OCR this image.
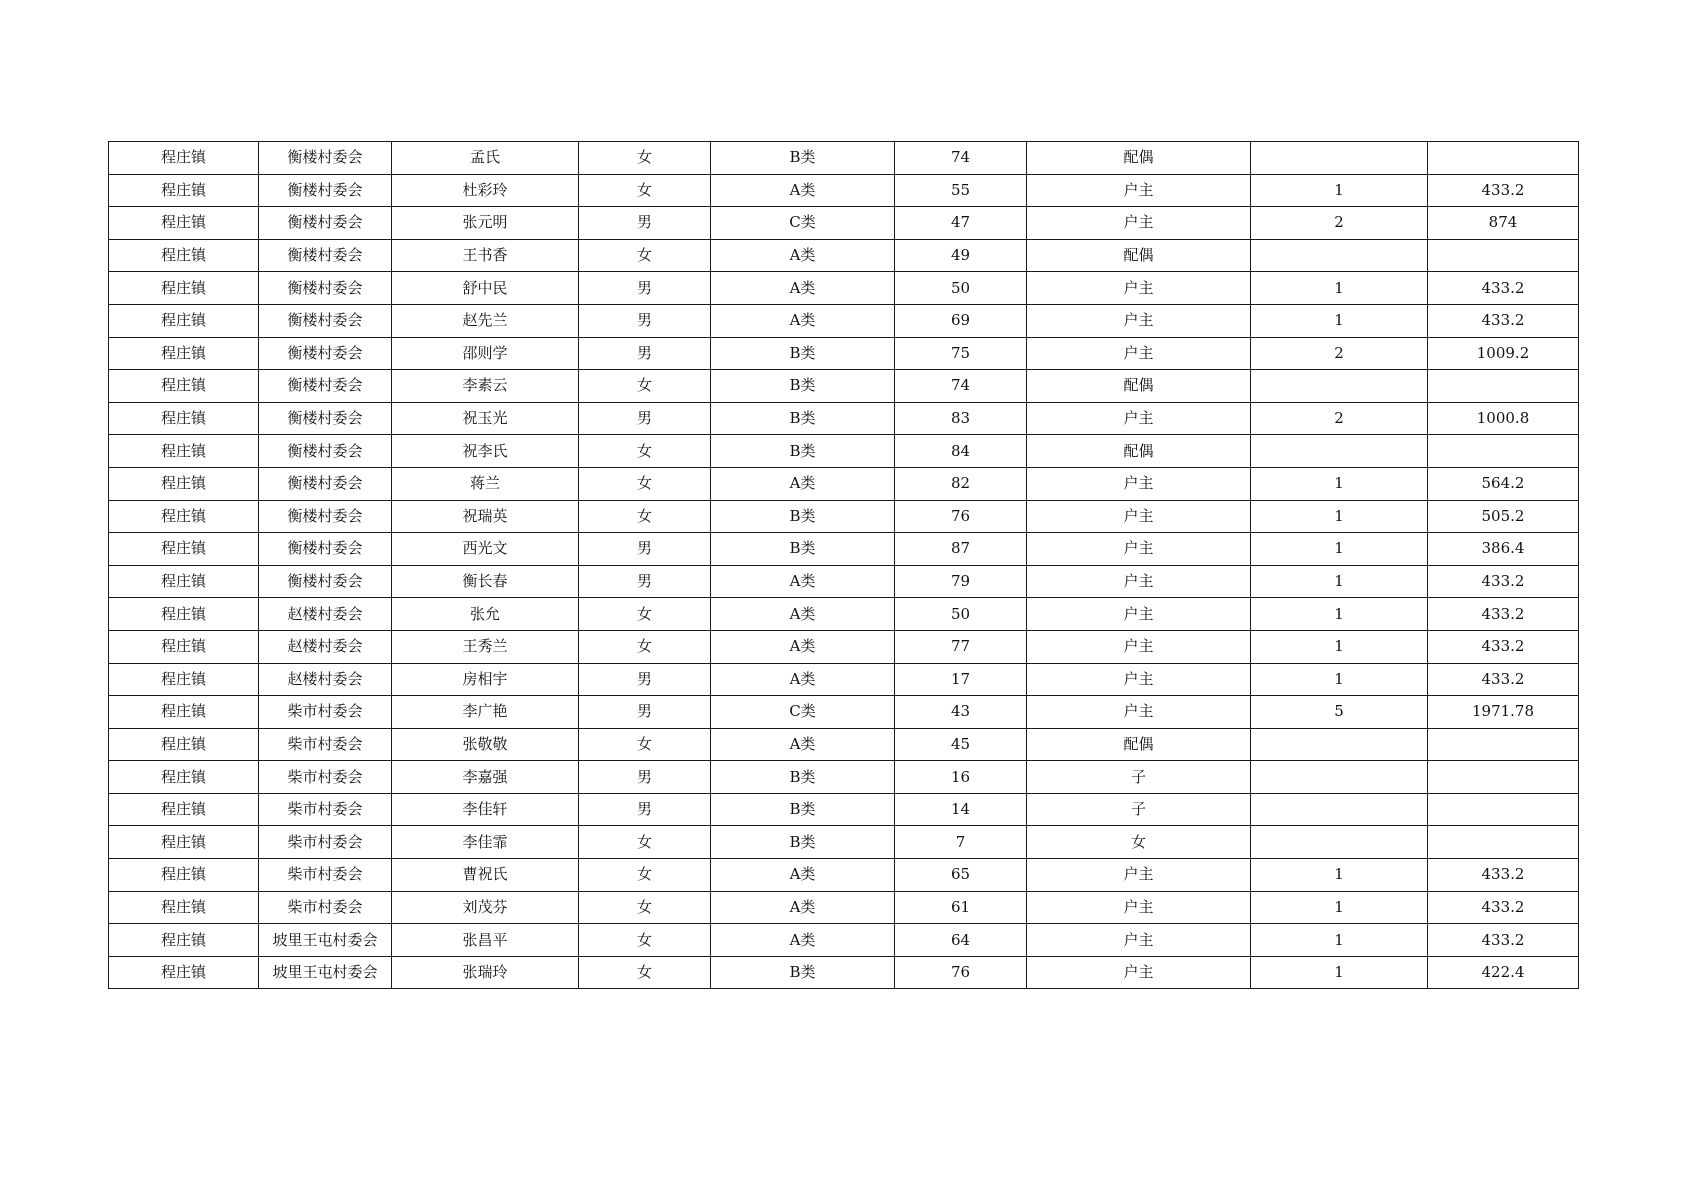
程庄镇	衡楼村委会	孟氏	女	B类	74	配偶		
程庄镇	衡楼村委会	杜彩玲	女	A类	55	户主	1	433.2
程庄镇	衡楼村委会	张元明	男	C类	47	户主	2	874
程庄镇	衡楼村委会	王书香	女	A类	49	配偶		
程庄镇	衡楼村委会	舒中民	男	A类	50	户主	1	433.2
程庄镇	衡楼村委会	赵先兰	男	A类	69	户主	1	433.2
程庄镇	衡楼村委会	邵则学	男	B类	75	户主	2	1009.2
程庄镇	衡楼村委会	李素云	女	B类	74	配偶		
程庄镇	衡楼村委会	祝玉光	男	B类	83	户主	2	1000.8
程庄镇	衡楼村委会	祝李氏	女	B类	84	配偶		
程庄镇	衡楼村委会	蒋兰	女	A类	82	户主	1	564.2
程庄镇	衡楼村委会	祝瑞英	女	B类	76	户主	1	505.2
程庄镇	衡楼村委会	西光文	男	B类	87	户主	1	386.4
程庄镇	衡楼村委会	衡长春	男	A类	79	户主	1	433.2
程庄镇	赵楼村委会	张允	女	A类	50	户主	1	433.2
程庄镇	赵楼村委会	王秀兰	女	A类	77	户主	1	433.2
程庄镇	赵楼村委会	房相宇	男	A类	17	户主	1	433.2
程庄镇	柴市村委会	李广艳	男	C类	43	户主	5	1971.78
程庄镇	柴市村委会	张敬敬	女	A类	45	配偶		
程庄镇	柴市村委会	李嘉强	男	B类	16	子		
程庄镇	柴市村委会	李佳轩	男	B类	14	子		
程庄镇	柴市村委会	李佳霏	女	B类	7	女		
程庄镇	柴市村委会	曹祝氏	女	A类	65	户主	1	433.2
程庄镇	柴市村委会	刘茂芬	女	A类	61	户主	1	433.2
程庄镇	坡里王屯村委会	张昌平	女	A类	64	户主	1	433.2
程庄镇	坡里王屯村委会	张瑞玲	女	B类	76	户主	1	422.4
